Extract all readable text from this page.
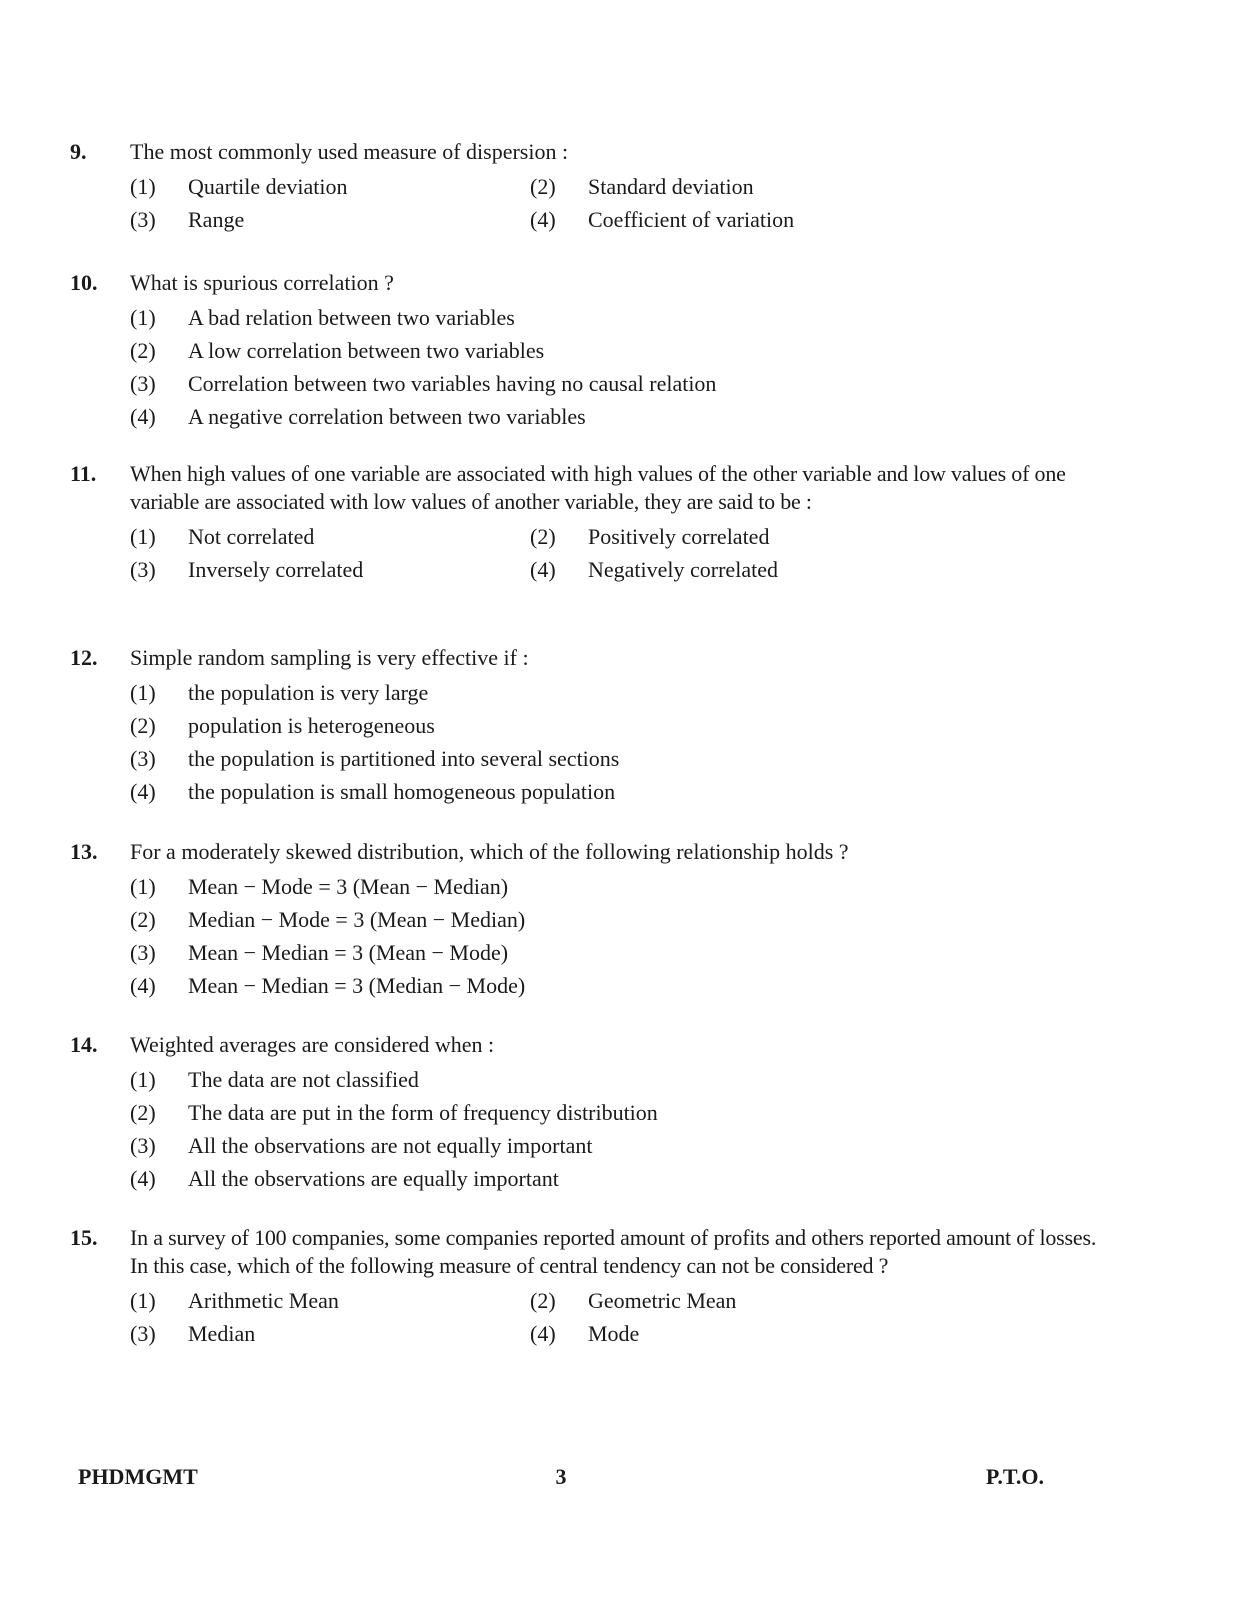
9.	The most commonly used measure of dispersion :
(1)	Quartile deviation	(2)	Standard deviation
(3)	Range	(4)	Coefficient of variation
10.	What is spurious correlation ?
(1)	A bad relation between two variables
(2)	A low correlation between two variables
(3)	Correlation between two variables having no causal relation
(4)	A negative correlation between two variables
11.	When high values of one variable are associated with high values of the other variable and low values of one variable are associated with low values of another variable, they are said to be :
(1)	Not correlated	(2)	Positively correlated
(3)	Inversely correlated	(4)	Negatively correlated
12.	Simple random sampling is very effective if :
(1)	the population is very large
(2)	population is heterogeneous
(3)	the population is partitioned into several sections
(4)	the population is small homogeneous population
13.	For a moderately skewed distribution, which of the following relationship holds ?
(1)	Mean − Mode = 3 (Mean − Median)
(2)	Median − Mode = 3 (Mean − Median)
(3)	Mean − Median = 3 (Mean − Mode)
(4)	Mean − Median = 3 (Median − Mode)
14.	Weighted averages are considered when :
(1)	The data are not classified
(2)	The data are put in the form of frequency distribution
(3)	All the observations are not equally important
(4)	All the observations are equally important
15.	In a survey of 100 companies, some companies reported amount of profits and others reported amount of losses. In this case, which of the following measure of central tendency can not be considered ?
(1)	Arithmetic Mean	(2)	Geometric Mean
(3)	Median	(4)	Mode
PHDMGMT	3	P.T.O.
